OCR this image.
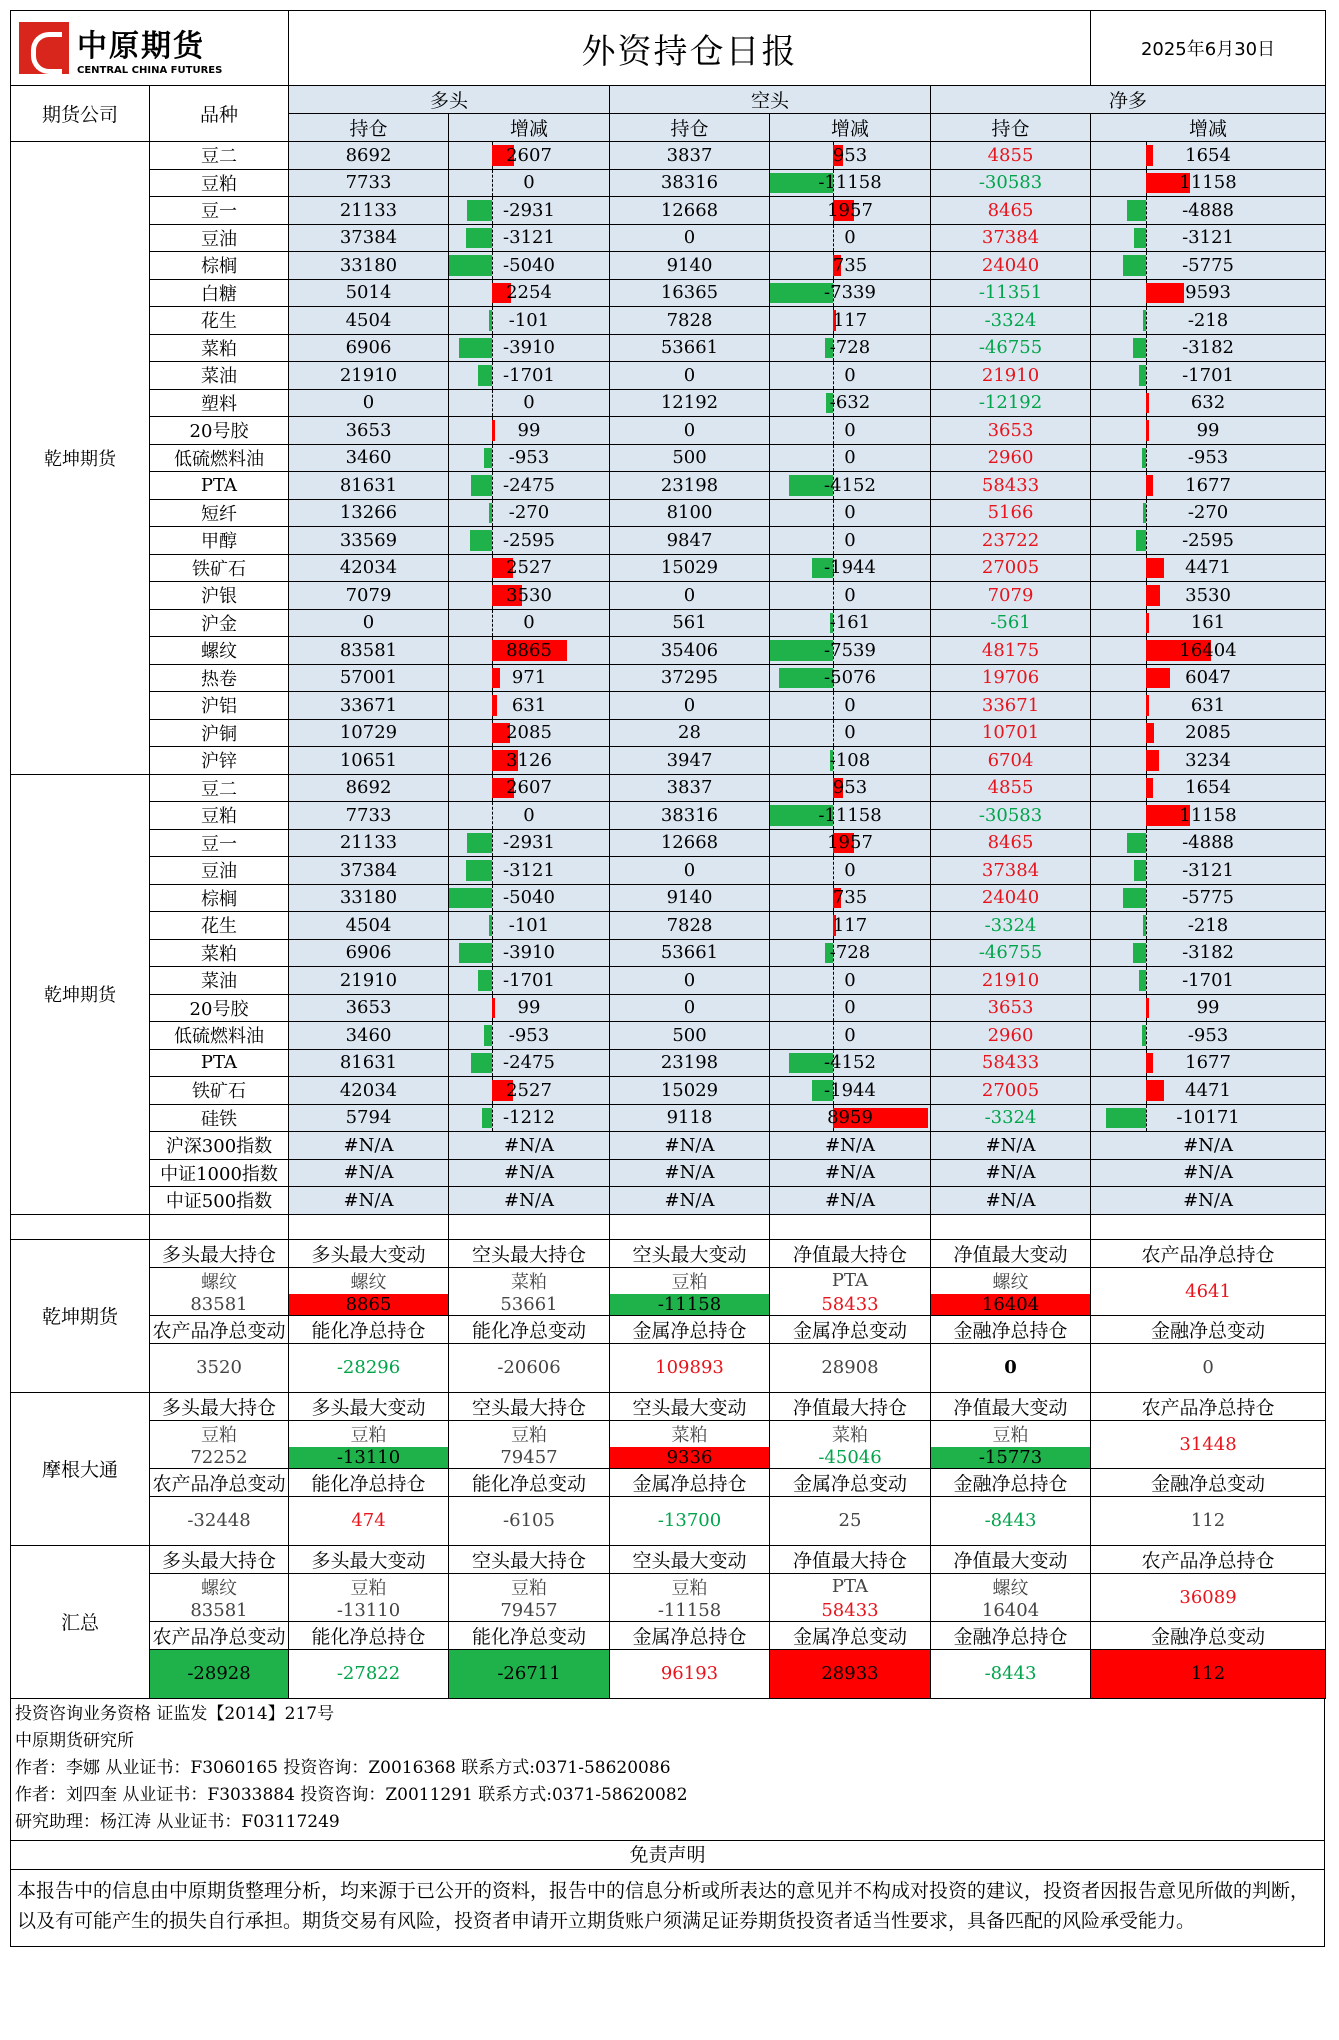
中原期货
CENTRAL CHINA FUTURES		外资持仓日报					2025年6月30日
期货公司	品种	多头		空头		净多	
		持仓	增减	持仓	增减	持仓	增减
乾坤期货	豆二	8692	2607	3837	953	4855	1654
	豆粕	7733	0	38316	-11158	-30583	11158
	豆一	21133	-2931	12668	1957	8465	-4888
	豆油	37384	-3121	0	0	37384	-3121
	棕榈	33180	-5040	9140	735	24040	-5775
	白糖	5014	2254	16365	-7339	-11351	9593
	花生	4504	-101	7828	117	-3324	-218
	菜粕	6906	-3910	53661	-728	-46755	-3182
	菜油	21910	-1701	0	0	21910	-1701
	塑料	0	0	12192	-632	-12192	632
	20号胶	3653	99	0	0	3653	99
	低硫燃料油	3460	-953	500	0	2960	-953
	PTA	81631	-2475	23198	-4152	58433	1677
	短纤	13266	-270	8100	0	5166	-270
	甲醇	33569	-2595	9847	0	23722	-2595
	铁矿石	42034	2527	15029	-1944	27005	4471
	沪银	7079	3530	0	0	7079	3530
	沪金	0	0	561	-161	-561	161
	螺纹	83581	8865	35406	-7539	48175	16404
	热卷	57001	971	37295	-5076	19706	6047
	沪铝	33671	631	0	0	33671	631
	沪铜	10729	2085	28	0	10701	2085
	沪锌	10651	3126	3947	-108	6704	3234
乾坤期货	豆二	8692	2607	3837	953	4855	1654
	豆粕	7733	0	38316	-11158	-30583	11158
	豆一	21133	-2931	12668	1957	8465	-4888
	豆油	37384	-3121	0	0	37384	-3121
	棕榈	33180	-5040	9140	735	24040	-5775
	花生	4504	-101	7828	117	-3324	-218
	菜粕	6906	-3910	53661	-728	-46755	-3182
	菜油	21910	-1701	0	0	21910	-1701
	20号胶	3653	99	0	0	3653	99
	低硫燃料油	3460	-953	500	0	2960	-953
	PTA	81631	-2475	23198	-4152	58433	1677
	铁矿石	42034	2527	15029	-1944	27005	4471
	硅铁	5794	-1212	9118	8959	-3324	-10171
	沪深300指数	#N/A	#N/A	#N/A	#N/A	#N/A	#N/A
	中证1000指数	#N/A	#N/A	#N/A	#N/A	#N/A	#N/A
	中证500指数	#N/A	#N/A	#N/A	#N/A	#N/A	#N/A

乾坤期货	多头最大持仓	多头最大变动	空头最大持仓	空头最大变动	净值最大持仓	净值最大变动	农产品净总持仓
	螺纹	螺纹	菜粕	豆粕	PTA	螺纹	4641
	83581	8865	53661	-11158	58433	16404	
	农产品净总变动	能化净总持仓	能化净总变动	金属净总持仓	金属净总变动	金融净总持仓	金融净总变动
	3520	-28296	-20606	109893	28908	0	0
摩根大通	多头最大持仓	多头最大变动	空头最大持仓	空头最大变动	净值最大持仓	净值最大变动	农产品净总持仓
	豆粕	豆粕	豆粕	菜粕	菜粕	豆粕	31448
	72252	-13110	79457	9336	-45046	-15773	
	农产品净总变动	能化净总持仓	能化净总变动	金属净总持仓	金属净总变动	金融净总持仓	金融净总变动
	-32448	474	-6105	-13700	25	-8443	112
汇总	多头最大持仓	多头最大变动	空头最大持仓	空头最大变动	净值最大持仓	净值最大变动	农产品净总持仓
	螺纹	豆粕	豆粕	豆粕	PTA	螺纹	36089
	83581	-13110	79457	-11158	58433	16404	
	农产品净总变动	能化净总持仓	能化净总变动	金属净总持仓	金属净总变动	金融净总持仓	金融净总变动
	-28928	-27822	-26711	96193	28933	-8443	112
投资咨询业务资格 证监发【2014】217号
中原期货研究所
作者：李娜 从业证书：F3060165 投资咨询：Z0016368 联系方式:0371-58620086
作者：刘四奎 从业证书：F3033884 投资咨询：Z0011291 联系方式:0371-58620082
研究助理：杨江涛 从业证书：F03117249
免责声明
本报告中的信息由中原期货整理分析，均来源于已公开的资料，报告中的信息分析或所表达的意见并不构成对投资的建议，投资者因报告意见所做的判断，以及有可能产生的损失自行承担。期货交易有风险，投资者申请开立期货账户须满足证券期货投资者适当性要求，具备匹配的风险承受能力。
